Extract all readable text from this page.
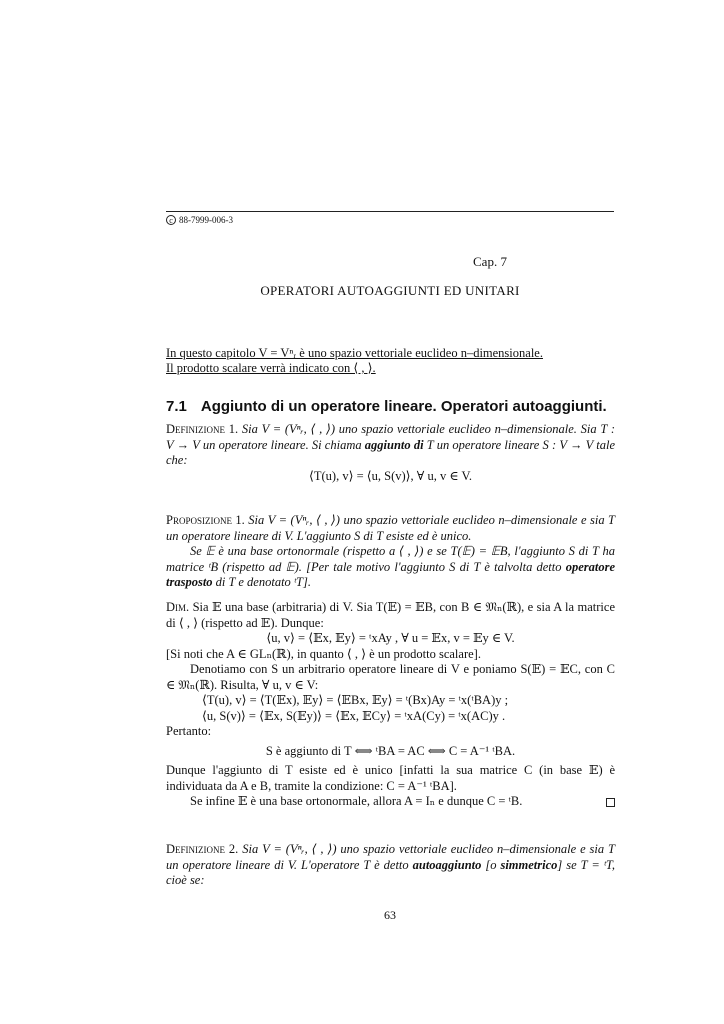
c 88-7999-006-3
Cap. 7
OPERATORI AUTOAGGIUNTI ED UNITARI

In questo capitolo V = Vⁿᵣ è uno spazio vettoriale euclideo n–dimensionale.

Il prodotto scalare verrà indicato con ⟨ , ⟩.

7.1 Aggiunto di un operatore lineare. Operatori autoaggiunti.

Definizione 1. Sia V = (Vⁿᵣ, ⟨ , ⟩) uno spazio vettoriale euclideo n–dimensionale. Sia T : V → V un operatore lineare. Si chiama aggiunto di T un operatore lineare S : V → V tale che:

⟨T(u), v⟩ = ⟨u, S(v)⟩, ∀ u, v ∈ V.

Proposizione 1. Sia V = (Vⁿᵣ, ⟨ , ⟩) uno spazio vettoriale euclideo n–dimensionale e sia T un operatore lineare di V. L'aggiunto S di T esiste ed è unico.

Se 𝔼 è una base ortonormale (rispetto a ⟨ , ⟩) e se T(𝔼) = 𝔼B, l'aggiunto S di T ha matrice ᵗB (rispetto ad 𝔼). [Per tale motivo l'aggiunto S di T è talvolta detto operatore trasposto di T e denotato ᵗT].

Dim. Sia 𝔼 una base (arbitraria) di V. Sia T(𝔼) = 𝔼B, con B ∈ 𝔐ₙ(ℝ), e sia A la matrice di ⟨ , ⟩ (rispetto ad 𝔼). Dunque:

⟨u, v⟩ = ⟨𝔼x, 𝔼y⟩ = ᵗxAy , ∀ u = 𝔼x, v = 𝔼y ∈ V.

[Si noti che A ∈ GLₙ(ℝ), in quanto ⟨ , ⟩ è un prodotto scalare].

Denotiamo con S un arbitrario operatore lineare di V e poniamo S(𝔼) = 𝔼C, con C ∈ 𝔐ₙ(ℝ). Risulta, ∀ u, v ∈ V:

⟨T(u), v⟩ = ⟨T(𝔼x), 𝔼y⟩ = ⟨𝔼Bx, 𝔼y⟩ = ᵗ(Bx)Ay = ᵗx(ᵗBA)y ;

⟨u, S(v)⟩ = ⟨𝔼x, S(𝔼y)⟩ = ⟨𝔼x, 𝔼Cy⟩ = ᵗxA(Cy) = ᵗx(AC)y .

Pertanto:

S è aggiunto di T ⟺ ᵗBA = AC ⟺ C = A⁻¹ ᵗBA.

Dunque l'aggiunto di T esiste ed è unico [infatti la sua matrice C (in base 𝔼) è individuata da A e B, tramite la condizione: C = A⁻¹ ᵗBA].

Se infine 𝔼 è una base ortonormale, allora A = Iₙ e dunque C = ᵗB.

Definizione 2. Sia V = (Vⁿᵣ, ⟨ , ⟩) uno spazio vettoriale euclideo n–dimensionale e sia T un operatore lineare di V. L'operatore T è detto autoaggiunto [o simmetrico] se T = ᵗT, cioè se:

63
